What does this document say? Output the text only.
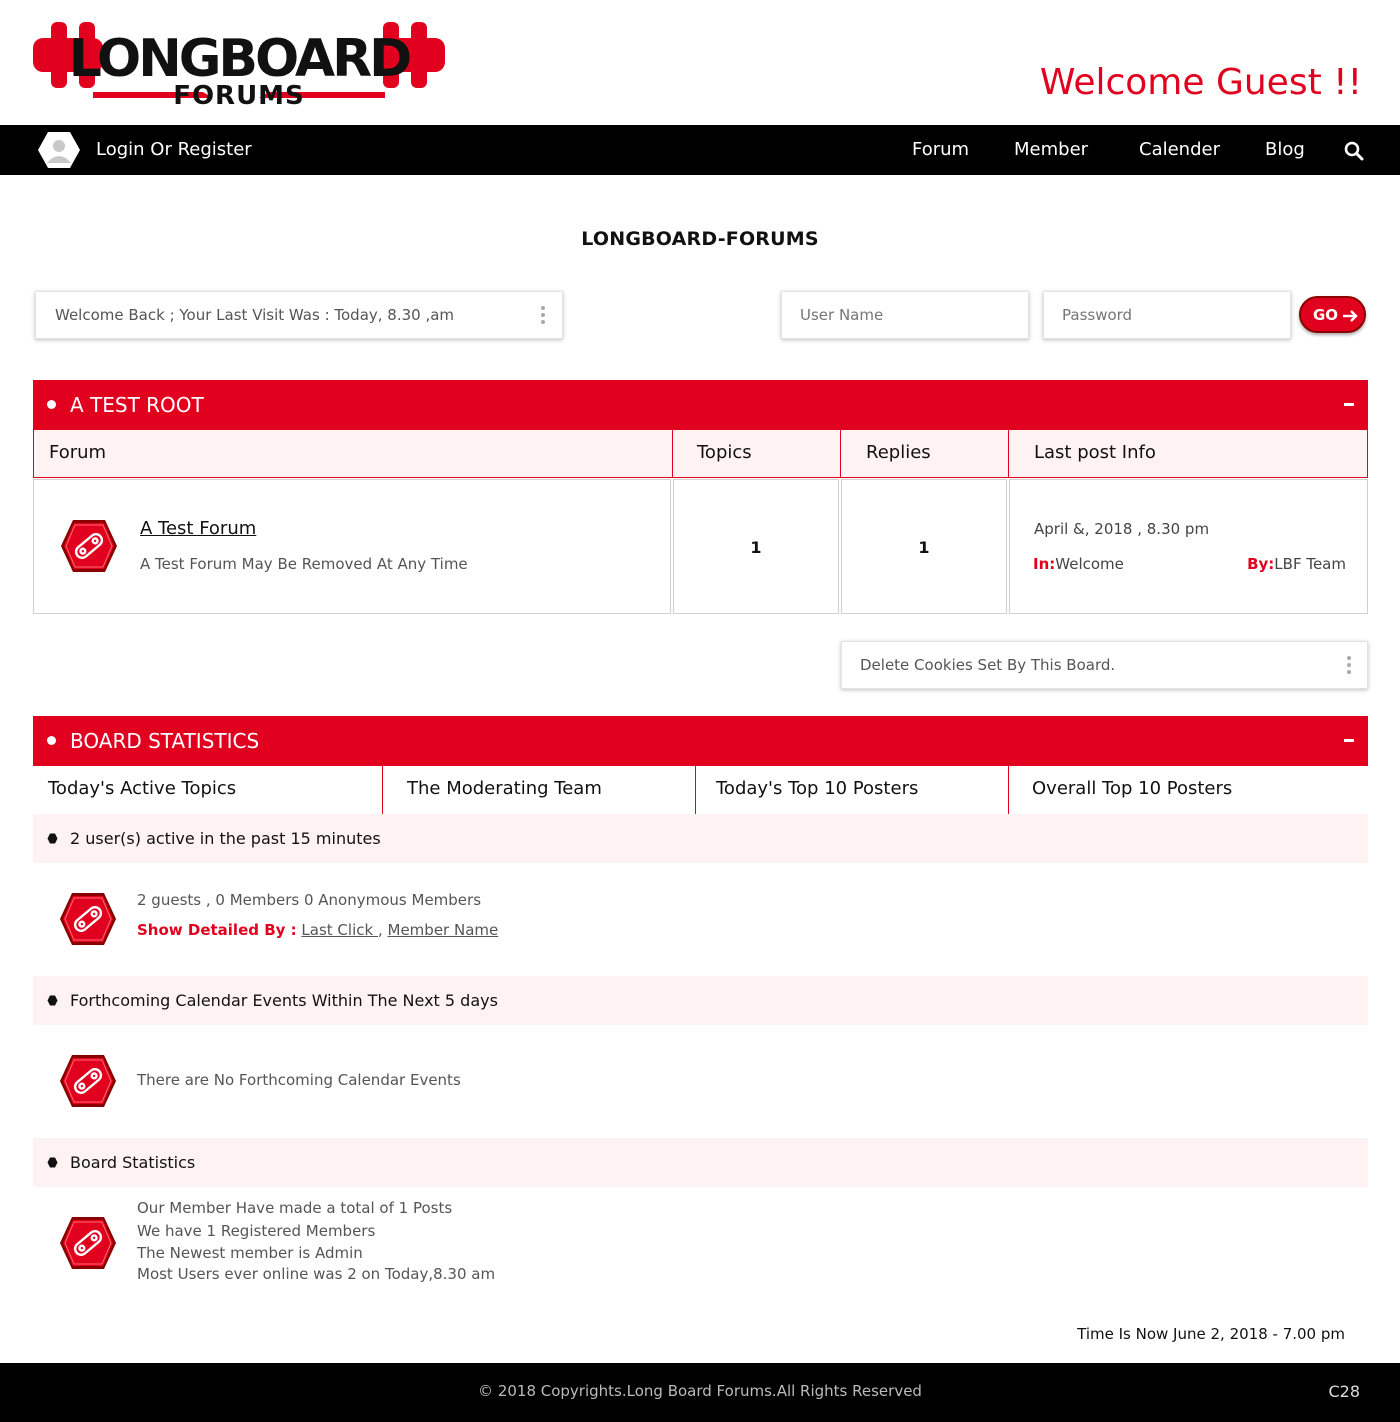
LONGBOARD
FORUMS	Welcome Guest !!
Login Or Register	Forum Member	Calender	Blog
LONGBOARD-FORUMS
Welcome Back ; Your Last Visit Was : Today, 8.30 ,am
User Name	GO
A TEST ROOT
Forum	Topics	Replies	Last post Info
A Test Forum
A Test Forum May Be Removed At Any Time
1	1
April &, 2018 , 8.30 pm
In:Welcome	By:LBF Team
Delete Cookies Set By This Board.
BOARD STATISTICS
Today's Active Topics	The Moderating Team	Today's Top 10 Posters	Overall Top 10 Posters
2 user(s) active in the past 15 minutes
2 guests , 0 Members 0 Anonymous Members
Show Detailed By : Last Click , Member Name
Forthcoming Calendar Events Within The Next 5 days
There are No Forthcoming Calendar Events
Board Statistics
Our Member Have made a total of 1 Posts
We have 1 Registered Members
The Newest member is Admin
Most Users ever online was 2 on Today,8.30 am
Time Is Now June 2, 2018 - 7.00 pm
© 2018 Copyrights.Long Board Forums.All Rights Reserved	C28
